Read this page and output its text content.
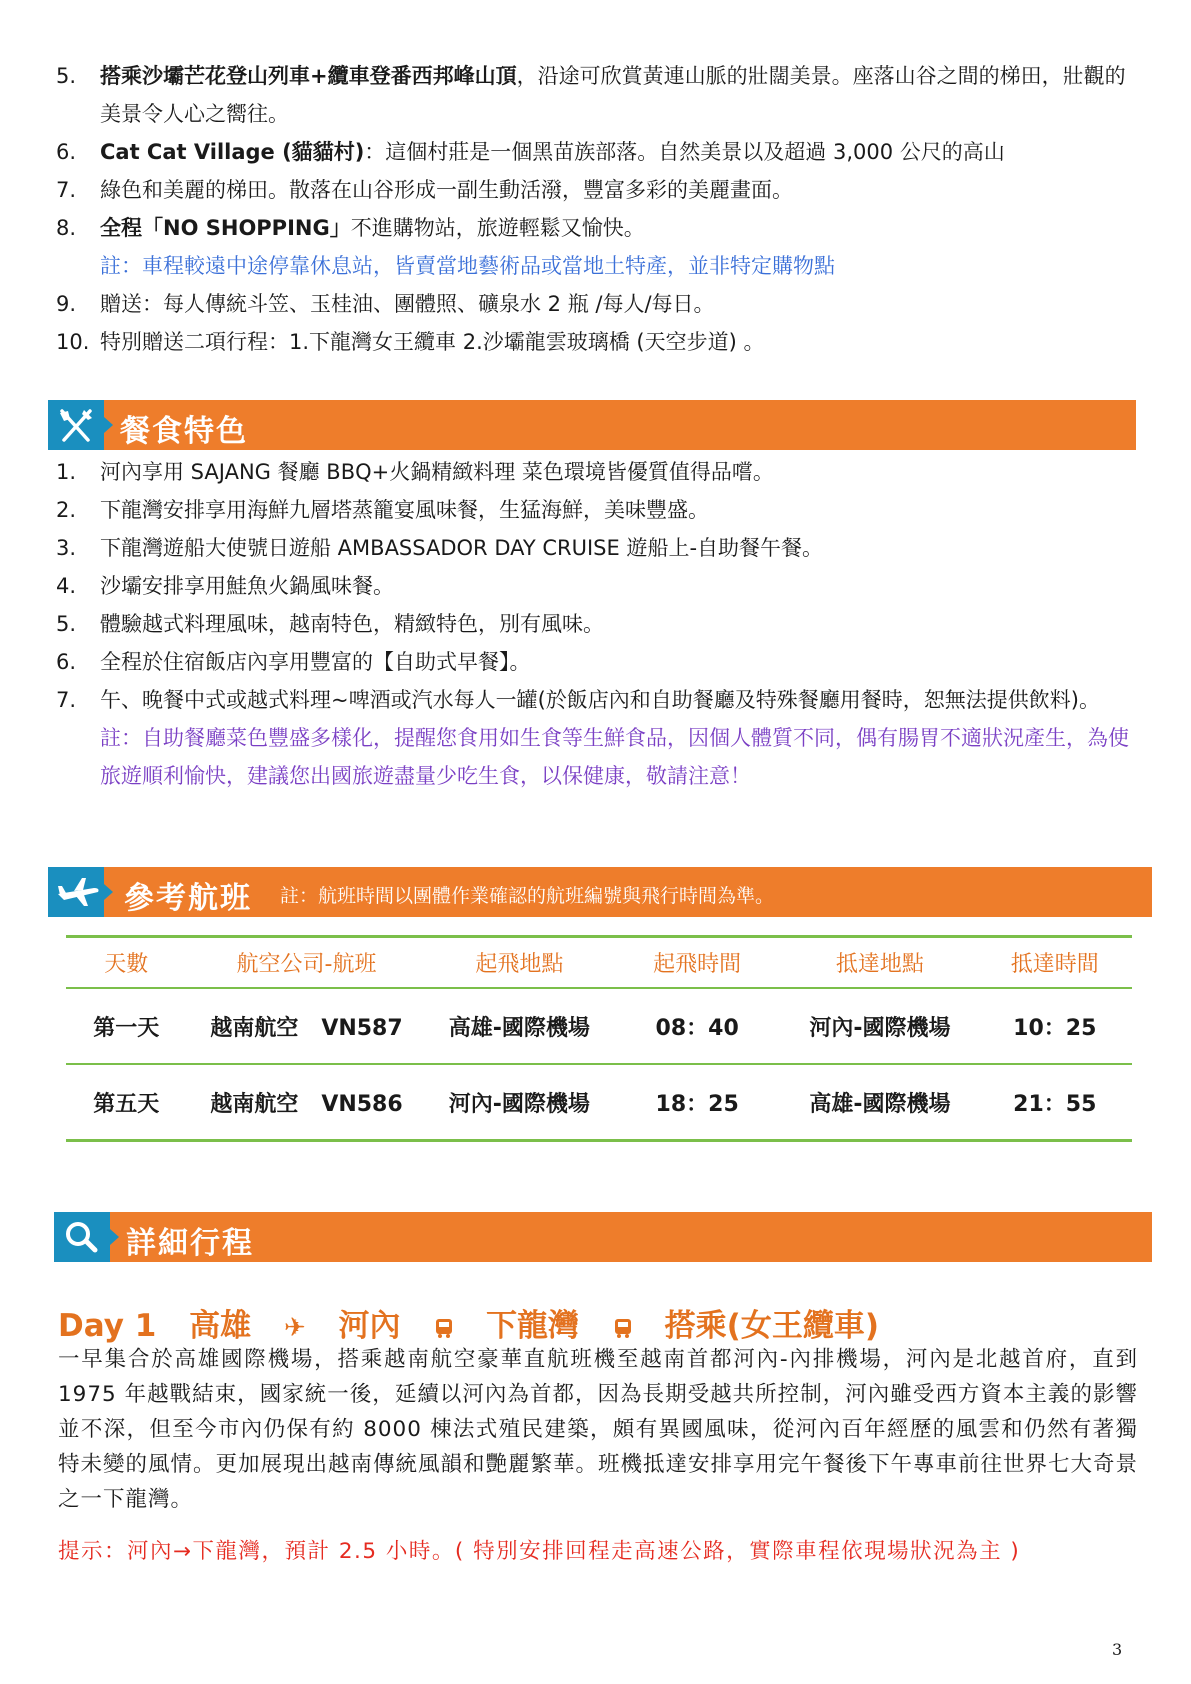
5. 搭乘沙壩芒花登山列車+纜車登番西邦峰山頂，沿途可欣賞黃連山脈的壯闊美景。座落山谷之間的梯田，壯觀的美景令人心之嚮往。
6. Cat Cat Village (貓貓村)：這個村莊是一個黑苗族部落。自然美景以及超過 3,000 公尺的高山
7. 綠色和美麗的梯田。散落在山谷形成一副生動活潑，豐富多彩的美麗畫面。
8. 全程「NO SHOPPING」不進購物站，旅遊輕鬆又愉快。
註：車程較遠中途停靠休息站，皆賣當地藝術品或當地土特產，並非特定購物點
9. 贈送：每人傳統斗笠、玉桂油、團體照、礦泉水 2 瓶 /每人/每日。
10. 特別贈送二項行程：1.下龍灣女王纜車 2.沙壩龍雲玻璃橋 (天空步道) 。
餐食特色
1. 河內享用 SAJANG 餐廳 BBQ+火鍋精緻料理 菜色環境皆優質值得品嚐。
2. 下龍灣安排享用海鮮九層塔蒸籠宴風味餐，生猛海鮮，美味豐盛。
3. 下龍灣遊船大使號日遊船 AMBASSADOR DAY CRUISE 遊船上-自助餐午餐。
4. 沙壩安排享用鮭魚火鍋風味餐。
5. 體驗越式料理風味，越南特色，精緻特色，別有風味。
6. 全程於住宿飯店內享用豐富的【自助式早餐】。
7. 午、晚餐中式或越式料理~啤酒或汽水每人一罐(於飯店內和自助餐廳及特殊餐廳用餐時，恕無法提供飲料)。
註：自助餐廳菜色豐盛多樣化，提醒您食用如生食等生鮮食品，因個人體質不同，偶有腸胃不適狀況產生，為使旅遊順利愉快，建議您出國旅遊盡量少吃生食，以保健康，敬請注意！
參考航班 註：航班時間以團體作業確認的航班編號與飛行時間為準。
天數	航空公司-航班	起飛地點	起飛時間	抵達地點	抵達時間
第一天	越南航空 VN587	高雄-國際機場	08：40	河內-國際機場	10：25
第五天	越南航空 VN586	河內-國際機場	18：25	高雄-國際機場	21：55
詳細行程
Day 1 高雄 ✈ 河內	下龍灣	搭乘(女王纜車)
一早集合於高雄國際機場，搭乘越南航空豪華直航班機至越南首都河內-內排機場，河內是北越首府，直到 1975 年越戰結束，國家統一後，延續以河內為首都，因為長期受越共所控制，河內雖受西方資本主義的影響並不深，但至今市內仍保有約 8000 棟法式殖民建築，頗有異國風味，從河內百年經歷的風雲和仍然有著獨特未變的風情。更加展現出越南傳統風韻和艷麗繁華。班機抵達安排享用完午餐後下午專車前往世界七大奇景之一下龍灣。
提示：河內→下龍灣，預計 2.5 小時。( 特別安排回程走高速公路，實際車程依現場狀況為主 )
3
